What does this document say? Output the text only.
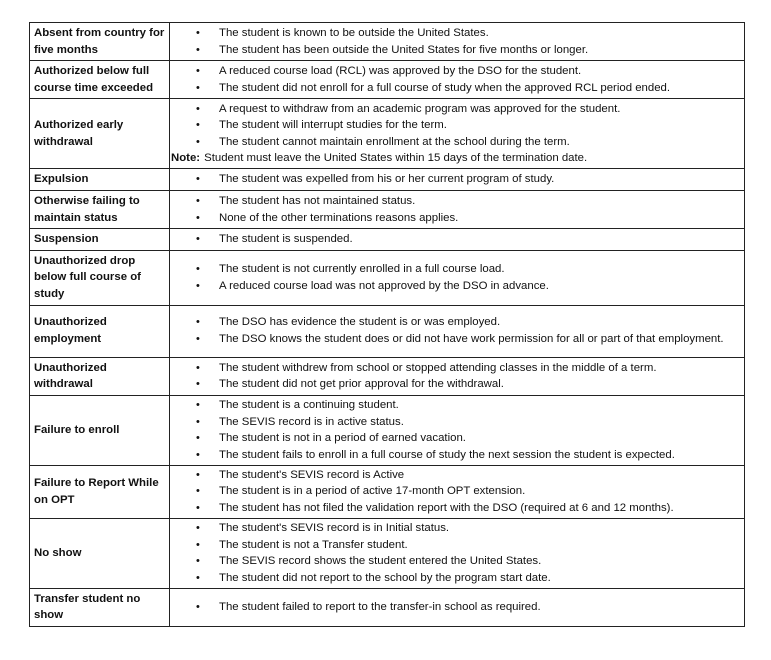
Absent from country for five months	• The student is known to be outside the United States.
• The student has been outside the United States for five months or longer.

Authorized below full course time exceeded	• A reduced course load (RCL) was approved by the DSO for the student.
• The student did not enroll for a full course of study when the approved RCL period ended.

Authorized early withdrawal	• A request to withdraw from an academic program was approved for the student.
• The student will interrupt studies for the term.
• The student cannot maintain enrollment at the school during the term.
Note: Student must leave the United States within 15 days of the termination date.

Expulsion	• The student was expelled from his or her current program of study.

Otherwise failing to maintain status	• The student has not maintained status.
• None of the other terminations reasons applies.

Suspension	• The student is suspended.

Unauthorized drop below full course of study	• The student is not currently enrolled in a full course load.
• A reduced course load was not approved by the DSO in advance.

Unauthorized employment	• The DSO has evidence the student is or was employed.
• The DSO knows the student does or did not have work permission for all or part of that employment.

Unauthorized withdrawal	• The student withdrew from school or stopped attending classes in the middle of a term.
• The student did not get prior approval for the withdrawal.

Failure to enroll	• The student is a continuing student.
• The SEVIS record is in active status.
• The student is not in a period of earned vacation.
• The student fails to enroll in a full course of study the next session the student is expected.

Failure to Report While on OPT	• The student's SEVIS record is Active
• The student is in a period of active 17-month OPT extension.
• The student has not filed the validation report with the DSO (required at 6 and 12 months).

No show	• The student's SEVIS record is in Initial status.
• The student is not a Transfer student.
• The SEVIS record shows the student entered the United States.
• The student did not report to the school by the program start date.

Transfer student no show	• The student failed to report to the transfer-in school as required.
